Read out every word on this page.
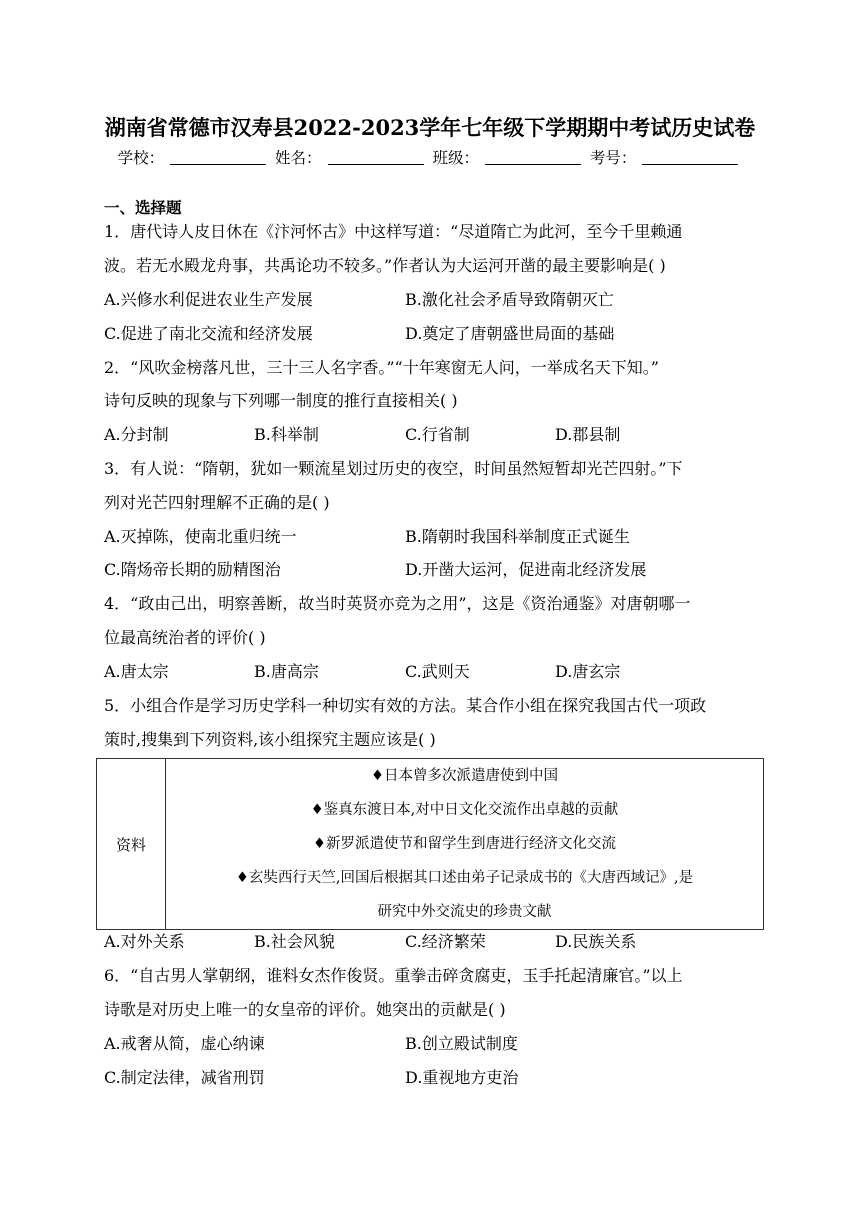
湖南省常德市汉寿县2022-2023学年七年级下学期期中考试历史试卷
学校：	姓名：	班级：	考号：
一、选择题
1．唐代诗人皮日休在《汴河怀古》中这样写道：“尽道隋亡为此河，至今千里赖通
波。若无水殿龙舟事，共禹论功不较多。”作者认为大运河开凿的最主要影响是( )
A.兴修水利促进农业生产发展	B.激化社会矛盾导致隋朝灭亡
C.促进了南北交流和经济发展	D.奠定了唐朝盛世局面的基础
2．“风吹金榜落凡世，三十三人名字香。”“十年寒窗无人问，一举成名天下知。”
诗句反映的现象与下列哪一制度的推行直接相关( )
A.分封制	B.科举制	C.行省制	D.郡县制
3．有人说：“隋朝，犹如一颗流星划过历史的夜空，时间虽然短暂却光芒四射。”下
列对光芒四射理解不正确的是( )
A.灭掉陈，使南北重归统一	B.隋朝时我国科举制度正式诞生
C.隋炀帝长期的励精图治	D.开凿大运河，促进南北经济发展
4．“政由己出，明察善断，故当时英贤亦竞为之用”，这是《资治通鉴》对唐朝哪一
位最高统治者的评价( )
A.唐太宗	B.唐高宗	C.武则天	D.唐玄宗
5．小组合作是学习历史学科一种切实有效的方法。某合作小组在探究我国古代一项政
策时,搜集到下列资料,该小组探究主题应该是( )
资料	
♦日本曾多次派遣唐使到中国
♦鉴真东渡日本,对中日文化交流作出卓越的贡献
♦新罗派遣使节和留学生到唐进行经济文化交流
♦玄奘西行天竺,回国后根据其口述由弟子记录成书的《大唐西域记》,是
研究中外交流史的珍贵文献
A.对外关系	B.社会风貌	C.经济繁荣	D.民族关系
6．“自古男人掌朝纲，谁料女杰作俊贤。重拳击碎贪腐吏，玉手托起清廉官。”以上
诗歌是对历史上唯一的女皇帝的评价。她突出的贡献是( )
A.戒奢从简，虚心纳谏	B.创立殿试制度
C.制定法律，减省刑罚	D.重视地方吏治
